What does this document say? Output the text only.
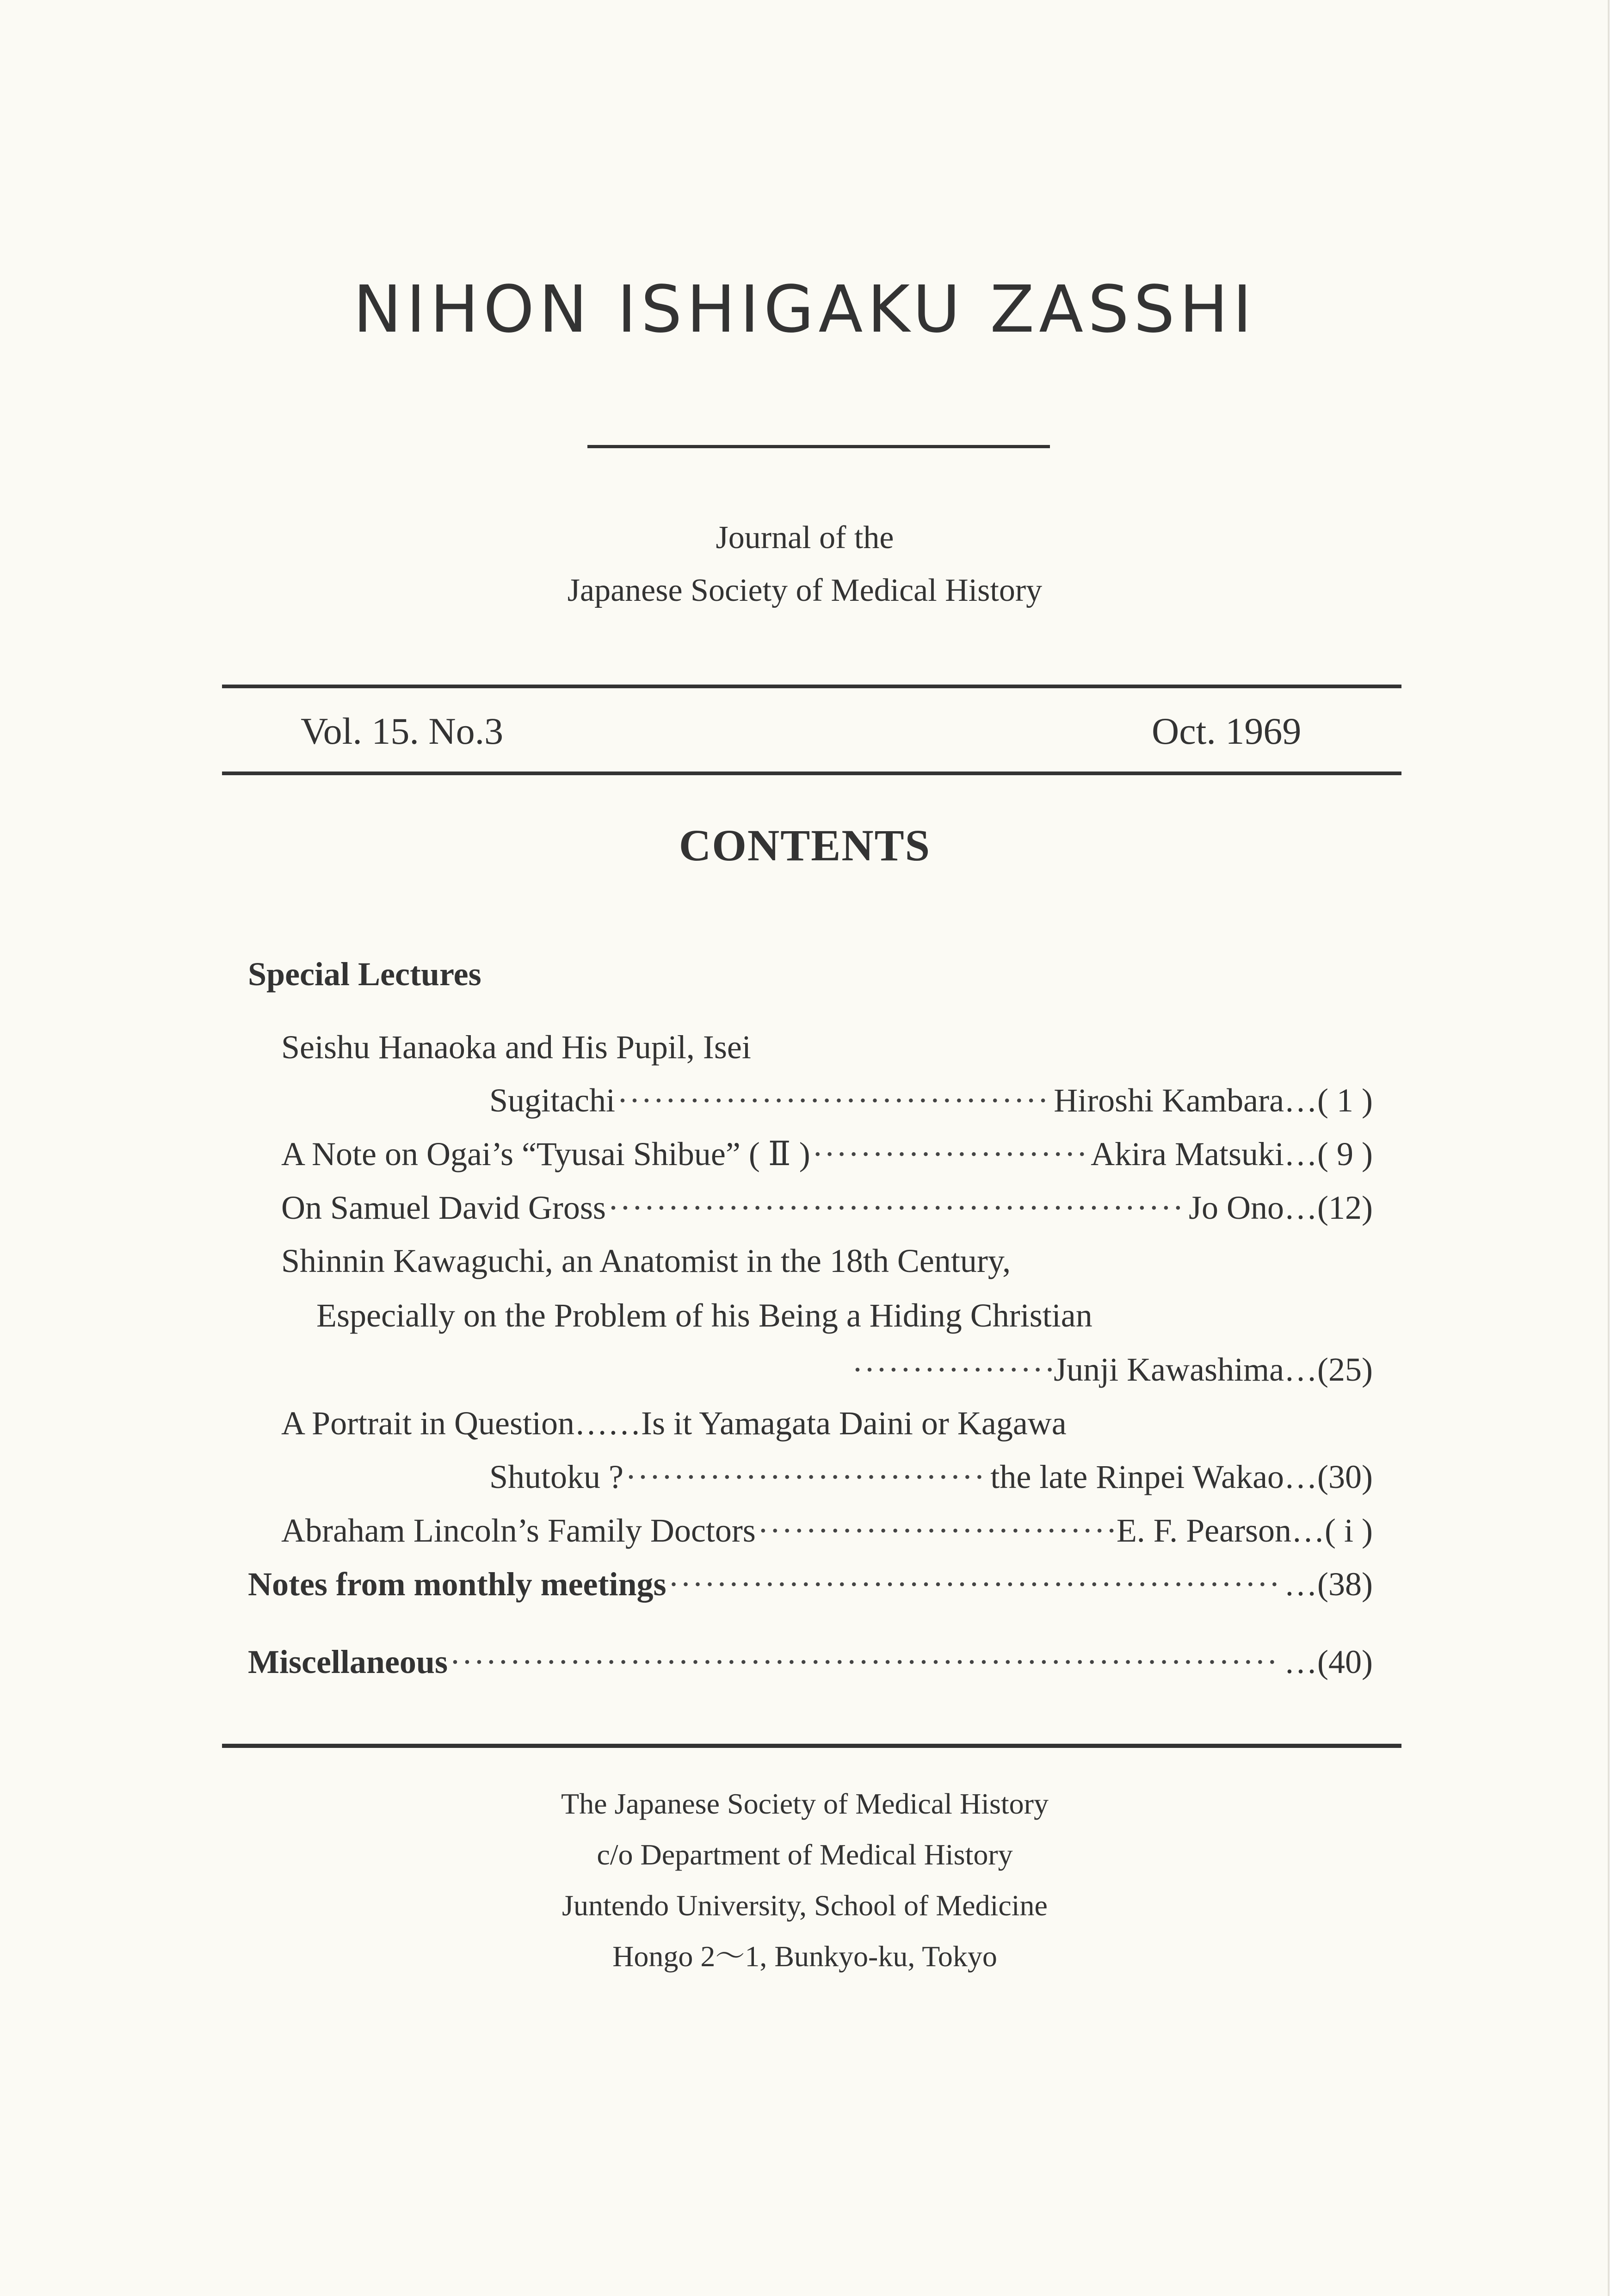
NIHON ISHIGAKU ZASSHI
Journal of the
Japanese Society of Medical History
Vol. 15. No.3	Oct. 1969
CONTENTS
Special Lectures
Seishu Hanaoka and His Pupil, Isei
Sugitachi ·····	Hiroshi Kambara …( 1 )
A Note on Ogai’s “Tyusai Shibue” ( Ⅱ ) ·····	Akira Matsuki …( 9 )
On Samuel David Gross ·····	Jo Ono …(12)
Shinnin Kawaguchi, an Anatomist in the 18th Century,
Especially on the Problem of his Being a Hiding Christian
·····
Junji Kawashima …(25)
A Portrait in Question……Is it Yamagata Daini or Kagawa
Shutoku ? ·····	the late Rinpei Wakao …(30)
Abraham Lincoln’s Family Doctors ·····	E. F. Pearson …( i )
Notes from monthly meetings ·····	…(38)
Miscellaneous ·····	…(40)
The Japanese Society of Medical History
c/o Department of Medical History
Juntendo University, School of Medicine
Hongo 2～1, Bunkyo-ku, Tokyo
